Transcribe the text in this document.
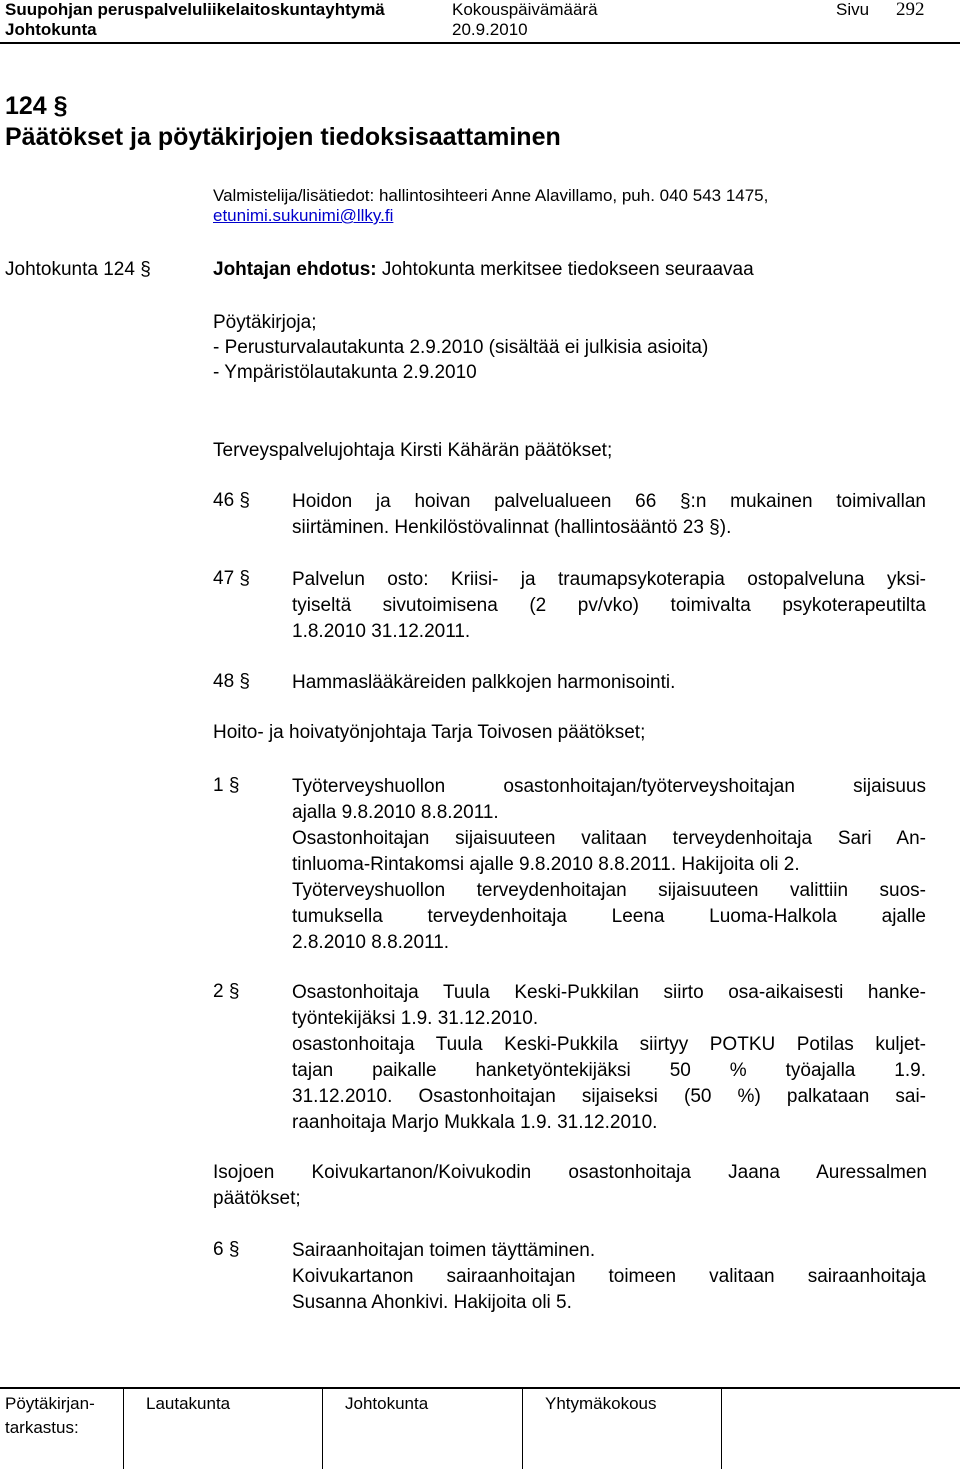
Suupohjan peruspalveluliikelaitoskuntayhtymä	Kokouspäivämäärä	Sivu 292
Johtokunta	20.9.2010
124 §
Päätökset ja pöytäkirjojen tiedoksisaattaminen
Valmistelija/lisätiedot: hallintosihteeri Anne Alavillamo, puh. 040 543 1475,
etunimi.sukunimi@llky.fi
Johtokunta 124 §	Johtajan ehdotus: Johtokunta merkitsee tiedokseen seuraavaa
Pöytäkirjoja;
- Perusturvalautakunta 2.9.2010 (sisältää ei julkisia asioita)
- Ympäristölautakunta 2.9.2010
Terveyspalvelujohtaja Kirsti Kähärän päätökset;
46 § Hoidon ja hoivan palvelualueen 66 §:n mukainen toimivallan
siirtäminen. Henkilöstövalinnat (hallintosääntö 23 §).
47 § Palvelun osto: Kriisi- ja traumapsykoterapia ostopalveluna yksi-
tyiseltä sivutoimisena (2 pv/vko) toimivalta psykoterapeutilta
1.8.2010 31.12.2011.
48 § Hammaslääkäreiden palkkojen harmonisointi.
Hoito- ja hoivatyönjohtaja Tarja Toivosen päätökset;
1 §	Työterveyshuollon osastonhoitajan/työterveyshoitajan sijaisuus
ajalla 9.8.2010 8.8.2011.
Osastonhoitajan sijaisuuteen valitaan terveydenhoitaja Sari An-
tinluoma-Rintakomsi ajalle 9.8.2010 8.8.2011. Hakijoita oli 2.
Työterveyshuollon terveydenhoitajan sijaisuuteen valittiin suos-
tumuksella terveydenhoitaja Leena Luoma-Halkola ajalle
2.8.2010 8.8.2011.
2 §	Osastonhoitaja Tuula Keski-Pukkilan siirto osa-aikaisesti hanke-
työntekijäksi 1.9. 31.12.2010.
osastonhoitaja Tuula Keski-Pukkila siirtyy POTKU Potilas kuljet-
tajan paikalle hanketyöntekijäksi 50 % työajalla 1.9.
31.12.2010. Osastonhoitajan sijaiseksi (50 %) palkataan sai-
raanhoitaja Marjo Mukkala 1.9. 31.12.2010.
Isojoen Koivukartanon/Koivukodin osastonhoitaja Jaana Auressalmen
päätökset;
6 §	Sairaanhoitajan toimen täyttäminen.
Koivukartanon sairaanhoitajan toimeen valitaan sairaanhoitaja
Susanna Ahonkivi. Hakijoita oli 5.
Pöytäkirjan-
tarkastus:
Lautakunta	Johtokunta	Yhtymäkokous
